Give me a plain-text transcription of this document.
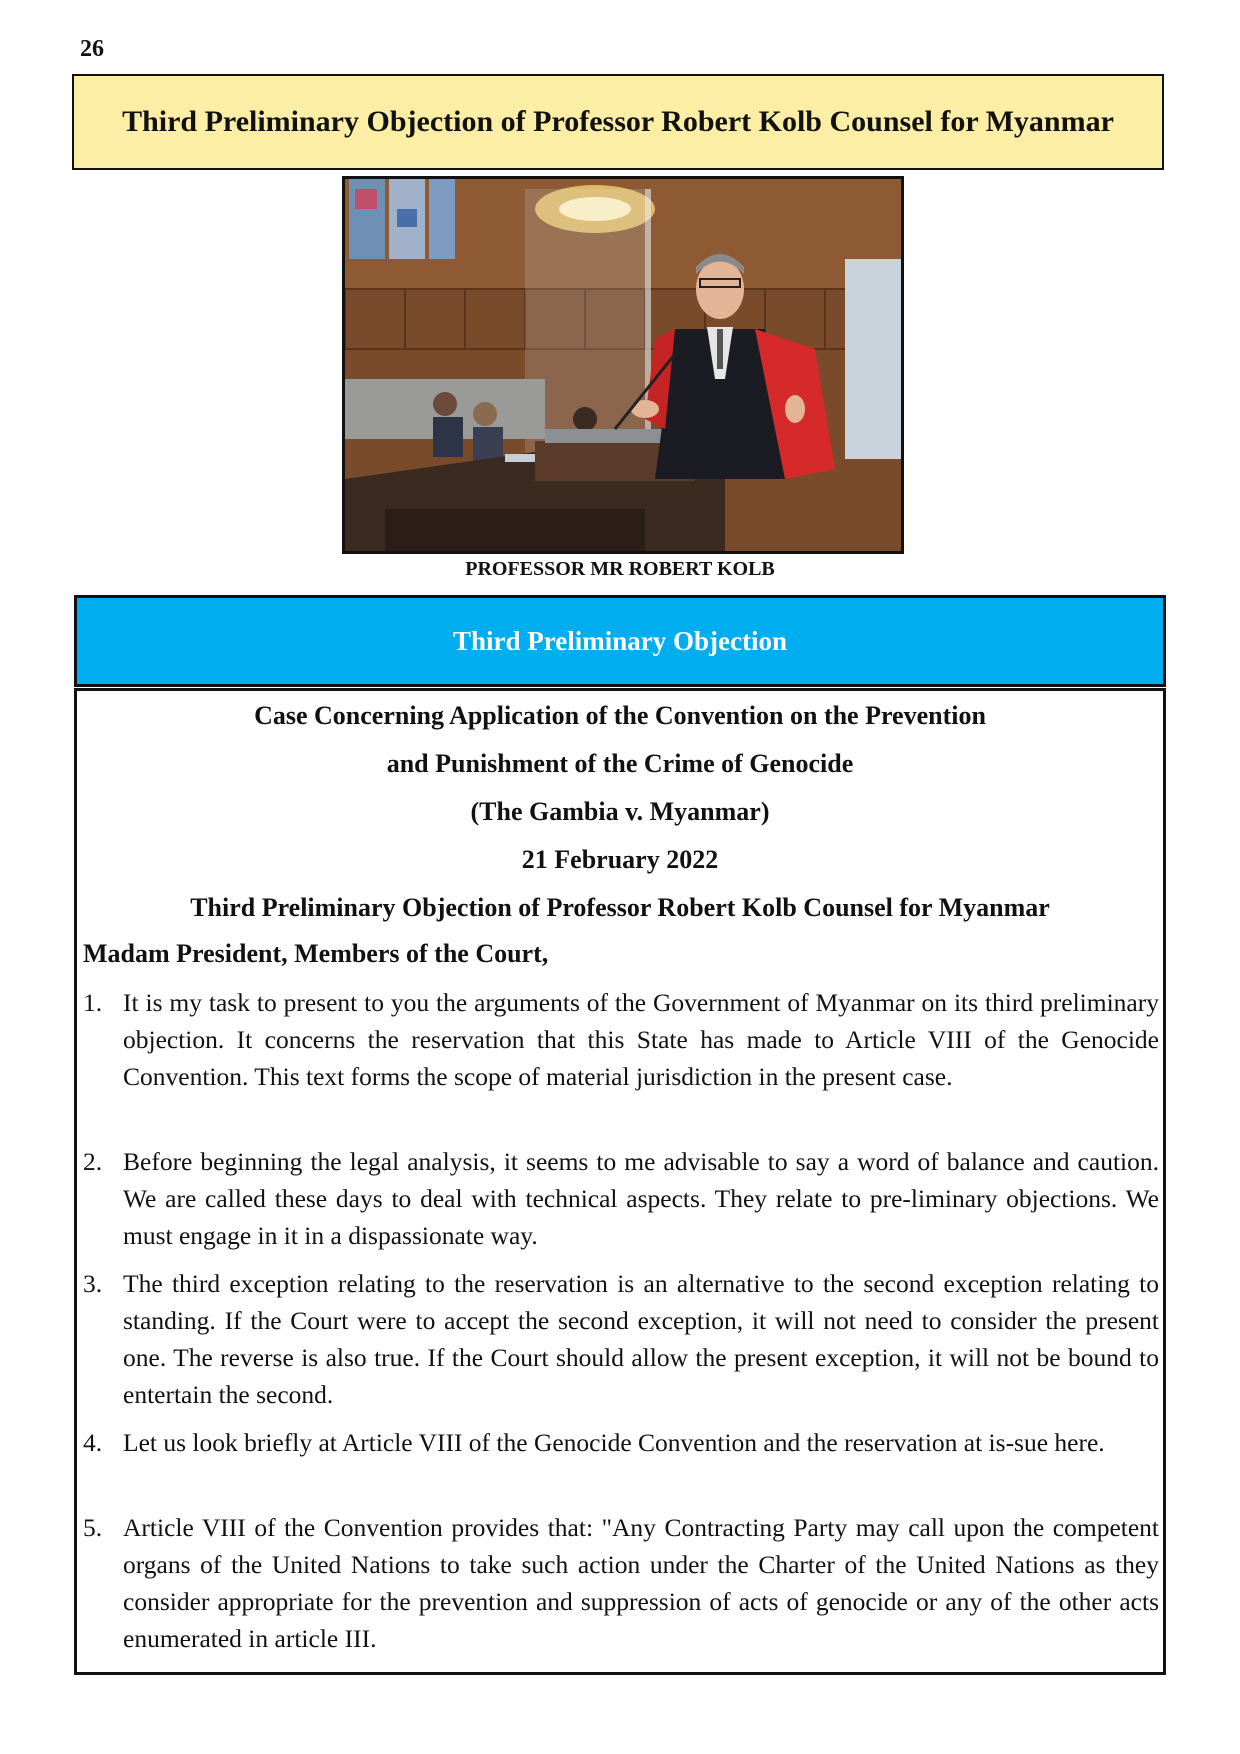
26
Third Preliminary Objection of Professor Robert Kolb Counsel for Myanmar
PROFESSOR MR ROBERT KOLB
Third Preliminary Objection
Case Concerning Application of the Convention on the Prevention
and Punishment of the Crime of Genocide
(The Gambia v. Myanmar)
21 February 2022
Third Preliminary Objection of Professor Robert Kolb Counsel for Myanmar
Madam President, Members of the Court,
1. It is my task to present to you the arguments of the Government of Myanmar on its third preliminary objection. It concerns the reservation that this State has made to Article VIII of the Genocide Convention. This text forms the scope of material jurisdiction in the present case.
2. Before beginning the legal analysis, it seems to me advisable to say a word of balance and caution. We are called these days to deal with technical aspects. They relate to pre-liminary objections. We must engage in it in a dispassionate way.
3. The third exception relating to the reservation is an alternative to the second exception relating to standing. If the Court were to accept the second exception, it will not need to consider the present one. The reverse is also true. If the Court should allow the present exception, it will not be bound to entertain the second.
4. Let us look briefly at Article VIII of the Genocide Convention and the reservation at is-sue here.
5. Article VIII of the Convention provides that: "Any Contracting Party may call upon the competent organs of the United Nations to take such action under the Charter of the United Nations as they consider appropriate for the prevention and suppression of acts of genocide or any of the other acts enumerated in article III.
